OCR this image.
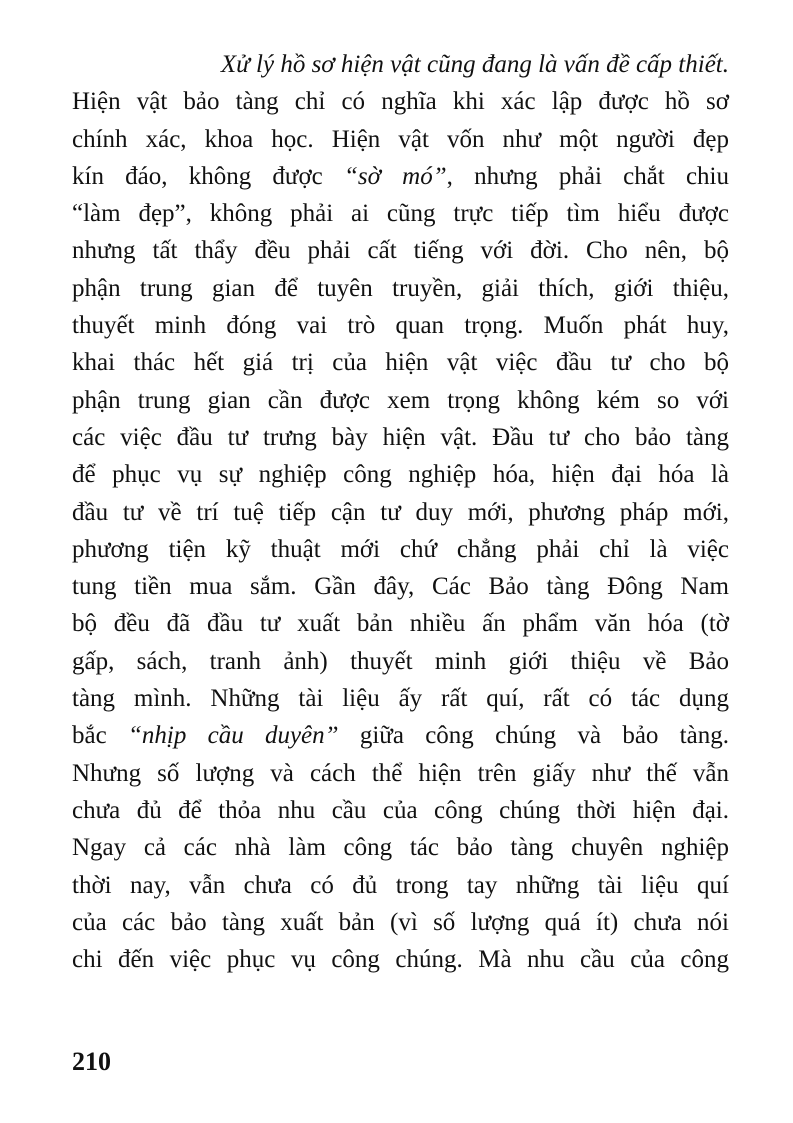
Xử lý hồ sơ hiện vật cũng đang là vấn đề cấp thiết.
Hiện vật bảo tàng chỉ có nghĩa khi xác lập được hồ sơ
chính xác, khoa học. Hiện vật vốn như một người đẹp
kín đáo, không được “sờ mó”, nhưng phải chắt chiu
“làm đẹp”, không phải ai cũng trực tiếp tìm hiểu được
nhưng tất thẩy đều phải cất tiếng với đời. Cho nên, bộ
phận trung gian để tuyên truyền, giải thích, giới thiệu,
thuyết minh đóng vai trò quan trọng. Muốn phát huy,
khai thác hết giá trị của hiện vật việc đầu tư cho bộ
phận trung gian cần được xem trọng không kém so với
các việc đầu tư trưng bày hiện vật. Đầu tư cho bảo tàng
để phục vụ sự nghiệp công nghiệp hóa, hiện đại hóa là
đầu tư về trí tuệ tiếp cận tư duy mới, phương pháp mới,
phương tiện kỹ thuật mới chứ chẳng phải chỉ là việc
tung tiền mua sắm. Gần đây, Các Bảo tàng Đông Nam
bộ đều đã đầu tư xuất bản nhiều ấn phẩm văn hóa (tờ
gấp, sách, tranh ảnh) thuyết minh giới thiệu về Bảo
tàng mình. Những tài liệu ấy rất quí, rất có tác dụng
bắc “nhịp cầu duyên” giữa công chúng và bảo tàng.
Nhưng số lượng và cách thể hiện trên giấy như thế vẫn
chưa đủ để thỏa nhu cầu của công chúng thời hiện đại.
Ngay cả các nhà làm công tác bảo tàng chuyên nghiệp
thời nay, vẫn chưa có đủ trong tay những tài liệu quí
của các bảo tàng xuất bản (vì số lượng quá ít) chưa nói
chi đến việc phục vụ công chúng. Mà nhu cầu của công

210
